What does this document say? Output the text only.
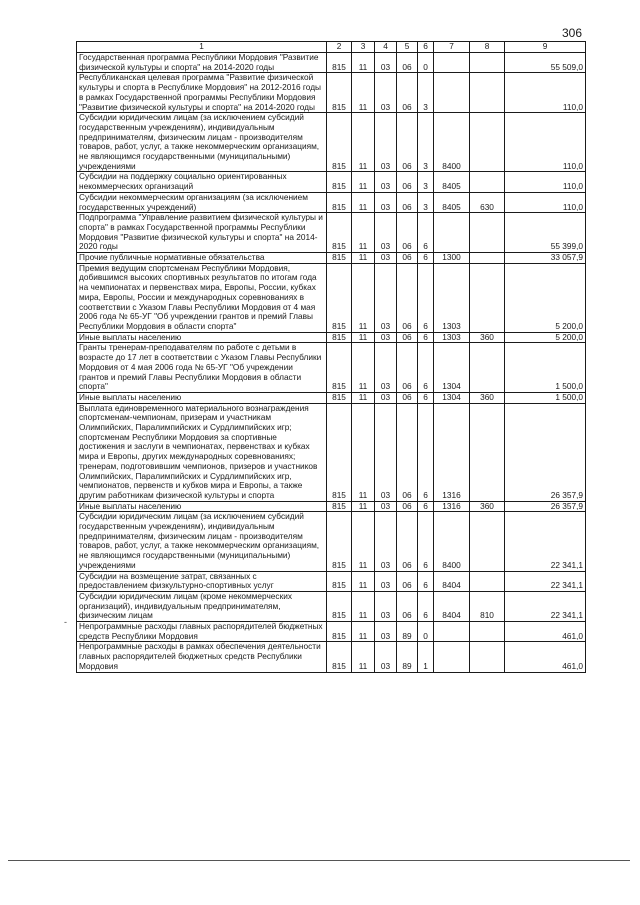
306
-
1	2	3	4	5	6	7	8	9
Государственная программа Республики Мордовия "Развитие физической культуры и спорта" на 2014-2020 годы	815	11	03	06	0			55 509,0
Республиканская целевая программа "Развитие физической культуры и спорта в Республике Мордовия" на 2012-2016 годы в рамках Государственной программы Республики Мордовия "Развитие физической культуры и спорта" на 2014-2020 годы	815	11	03	06	3			110,0
Субсидии юридическим лицам (за исключением субсидий государственным учреждениям), индивидуальным предпринимателям, физическим лицам - производителям товаров, работ, услуг, а также некоммерческим организациям, не являющимся государственными (муниципальными) учреждениями	815	11	03	06	3	8400		110,0
Субсидии на поддержку социально ориентированных некоммерческих организаций	815	11	03	06	3	8405		110,0
Субсидии некоммерческим организациям (за исключением государственных учреждений)	815	11	03	06	3	8405	630	110,0
Подпрограмма "Управление развитием физической культуры и спорта" в рамках Государственной программы Республики Мордовия "Развитие физической культуры и спорта" на 2014-2020 годы	815	11	03	06	6			55 399,0
Прочие публичные нормативные обязательства	815	11	03	06	6	1300		33 057,9
Премия ведущим спортсменам Республики Мордовия, добившимся высоких спортивных результатов по итогам года на чемпионатах и первенствах мира, Европы, России, кубках мира, Европы, России и международных соревнованиях в соответствии с Указом Главы Республики Мордовия от 4 мая 2006 года № 65-УГ "Об учреждении грантов и премий Главы Республики Мордовия в области спорта"	815	11	03	06	6	1303		5 200,0
Иные выплаты населению	815	11	03	06	6	1303	360	5 200,0
Гранты тренерам-преподавателям по работе с детьми в возрасте до 17 лет в соответствии с Указом Главы Республики Мордовия от 4 мая 2006 года № 65-УГ "Об учреждении грантов и премий Главы Республики Мордовия в области спорта"	815	11	03	06	6	1304		1 500,0
Иные выплаты населению	815	11	03	06	6	1304	360	1 500,0
Выплата единовременного материального вознаграждения спортсменам-чемпионам, призерам и участникам Олимпийских, Паралимпийских и Сурдлимпийских игр; спортсменам Республики Мордовия за спортивные достижения и заслуги в чемпионатах, первенствах и кубках мира и Европы, других международных соревнованиях; тренерам, подготовившим чемпионов, призеров и участников Олимпийских, Паралимпийских и Сурдлимпийских игр, чемпионатов, первенств и кубков мира и Европы, а также другим работникам физической культуры и спорта	815	11	03	06	6	1316		26 357,9
Иные выплаты населению	815	11	03	06	6	1316	360	26 357,9
Субсидии юридическим лицам (за исключением субсидий государственным учреждениям), индивидуальным предпринимателям, физическим лицам - производителям товаров, работ, услуг, а также некоммерческим организациям, не являющимся государственными (муниципальными) учреждениями	815	11	03	06	6	8400		22 341,1
Субсидии на возмещение затрат, связанных с предоставлением физкультурно-спортивных услуг	815	11	03	06	6	8404		22 341,1
Субсидии юридическим лицам (кроме некоммерческих организаций), индивидуальным предпринимателям, физическим лицам	815	11	03	06	6	8404	810	22 341,1
Непрограммные расходы главных распорядителей бюджетных средств Республики Мордовия	815	11	03	89	0			461,0
Непрограммные расходы в рамках обеспечения деятельности главных распорядителей бюджетных средств Республики Мордовия	815	11	03	89	1			461,0
